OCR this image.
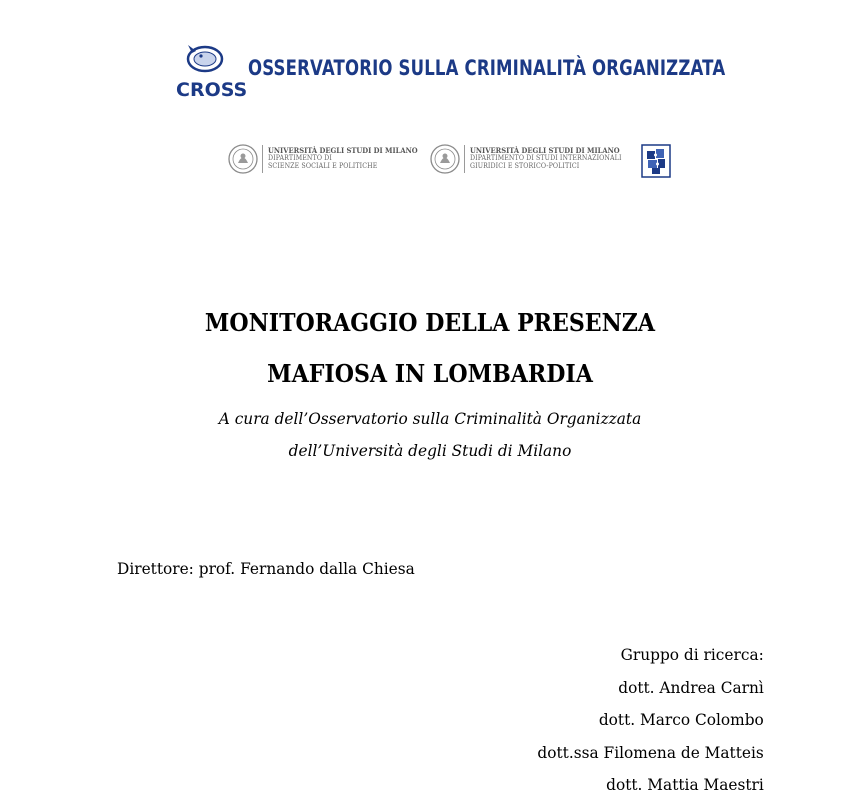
CROSS
OSSERVATORIO SULLA CRIMINALITÀ ORGANIZZATA
UNIVERSITÀ DEGLI STUDI DI MILANO
DIPARTIMENTO DI
SCIENZE SOCIALI E POLITICHE
UNIVERSITÀ DEGLI STUDI DI MILANO
DIPARTIMENTO DI STUDI INTERNAZIONALI
GIURIDICI E STORICO-POLITICI
MONITORAGGIO DELLA PRESENZA
MAFIOSA IN LOMBARDIA
A cura dell’Osservatorio sulla Criminalità Organizzata
dell’Università degli Studi di Milano
Direttore: prof. Fernando dalla Chiesa
Gruppo di ricerca:
dott. Andrea Carnì
dott. Marco Colombo
dott.ssa Filomena de Matteis
dott. Mattia Maestri
